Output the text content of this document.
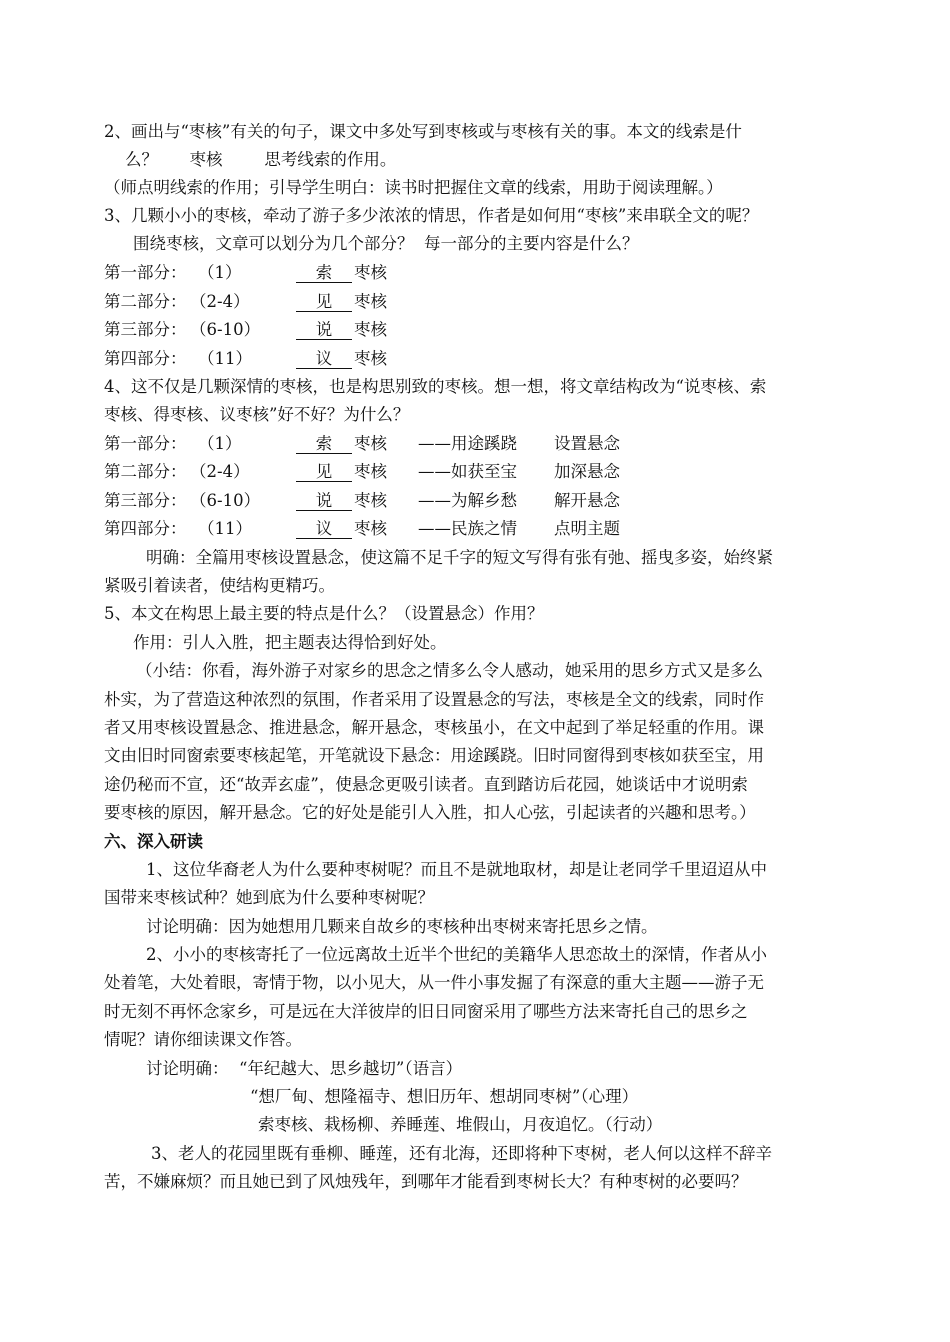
2、画出与“枣核”有关的句子，课文中多处写到枣核或与枣核有关的事。本文的线索是什
么？      枣核        思考线索的作用。
（师点明线索的作用；引导学生明白：读书时把握住文章的线索，用助于阅读理解。）
3、几颗小小的枣核，牵动了游子多少浓浓的情思，作者是如何用“枣核”来串联全文的呢？
围绕枣核，文章可以划分为几个部分？  每一部分的主要内容是什么？
第一部分： （1）	索	枣核
第二部分： （2-4）	见	枣核
第三部分： （6-10）	说	枣核
第四部分： （11）	议	枣核
4、这不仅是几颗深情的枣核，也是构思别致的枣核。想一想，将文章结构改为“说枣核、索
枣核、得枣核、议枣核”好不好？为什么？
第一部分： （1）	索	枣核 ——用途蹊跷 设置悬念
第二部分： （2-4）	见	枣核 ——如获至宝 加深悬念
第三部分： （6-10）	说	枣核 ——为解乡愁 解开悬念
第四部分： （11）	议	枣核 ——民族之情 点明主题
明确：全篇用枣核设置悬念，使这篇不足千字的短文写得有张有弛、摇曳多姿，始终紧
紧吸引着读者，使结构更精巧。
5、本文在构思上最主要的特点是什么？（设置悬念）作用？
作用：引人入胜，把主题表达得恰到好处。
（小结：你看，海外游子对家乡的思念之情多么令人感动，她采用的思乡方式又是多么
朴实，为了营造这种浓烈的氛围，作者采用了设置悬念的写法，枣核是全文的线索，同时作
者又用枣核设置悬念、推进悬念，解开悬念，枣核虽小，在文中起到了举足轻重的作用。课
文由旧时同窗索要枣核起笔，开笔就设下悬念：用途蹊跷。旧时同窗得到枣核如获至宝，用
途仍秘而不宣，还“故弄玄虚”，使悬念更吸引读者。直到踏访后花园，她谈话中才说明索
要枣核的原因，解开悬念。它的好处是能引人入胜，扣人心弦，引起读者的兴趣和思考。）
六、深入研读
1、这位华裔老人为什么要种枣树呢？而且不是就地取材，却是让老同学千里迢迢从中
国带来枣核试种？她到底为什么要种枣树呢？
讨论明确：因为她想用几颗来自故乡的枣核种出枣树来寄托思乡之情。
2、小小的枣核寄托了一位远离故土近半个世纪的美籍华人思恋故土的深情，作者从小
处着笔，大处着眼，寄情于物，以小见大，从一件小事发掘了有深意的重大主题——游子无
时无刻不再怀念家乡，可是远在大洋彼岸的旧日同窗采用了哪些方法来寄托自己的思乡之
情呢？请你细读课文作答。
讨论明确：  “年纪越大、思乡越切”（语言）
“想厂甸、想隆福寺、想旧历年、想胡同枣树”（心理）
索枣核、栽杨柳、养睡莲、堆假山，月夜追忆。（行动）
3、老人的花园里既有垂柳、睡莲，还有北海，还即将种下枣树，老人何以这样不辞辛
苦，不嫌麻烦？而且她已到了风烛残年，到哪年才能看到枣树长大？有种枣树的必要吗？
